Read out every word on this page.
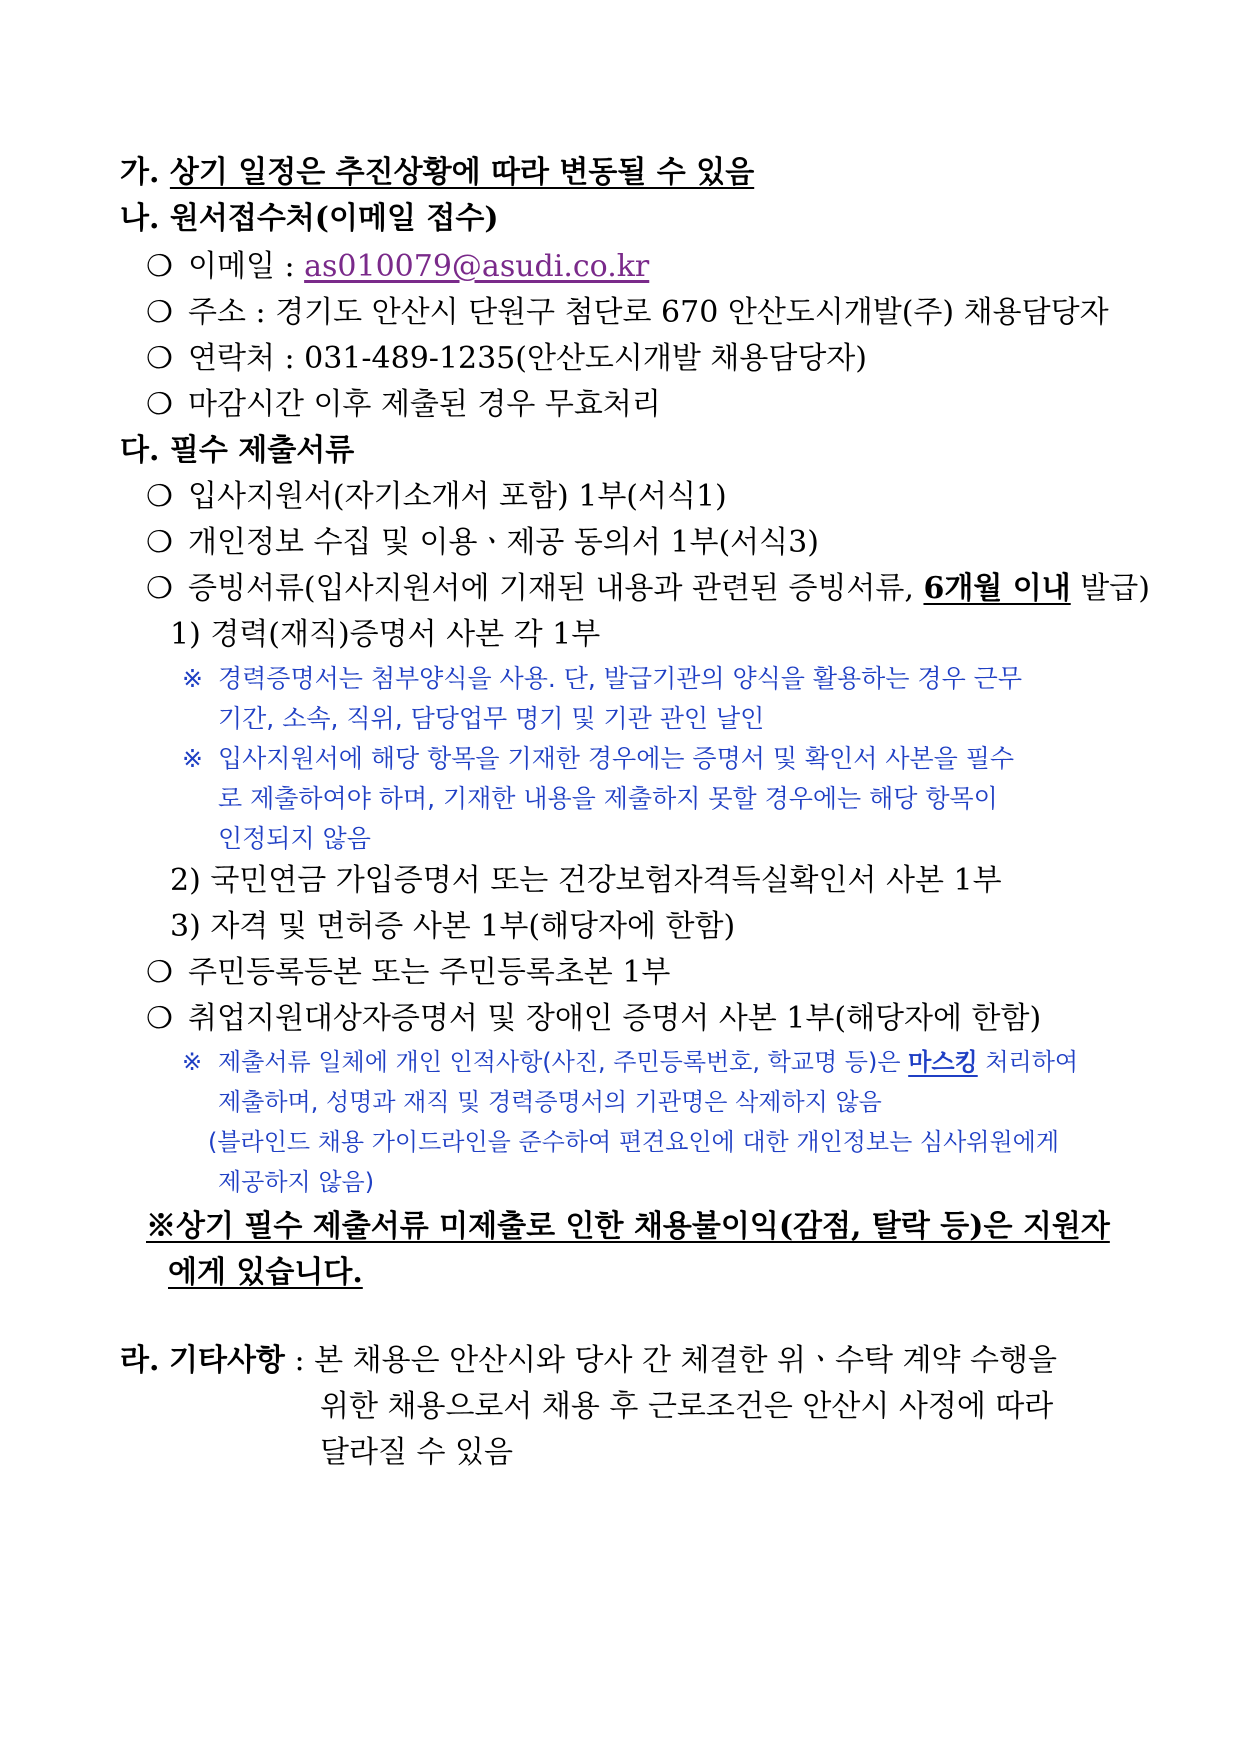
가. 상기 일정은 추진상황에 따라 변동될 수 있음
나. 원서접수처(이메일 접수)
❍ 이메일 : as010079@asudi.co.kr
❍ 주소 : 경기도 안산시 단원구 첨단로 670 안산도시개발(주) 채용담당자
❍ 연락처 : 031-489-1235(안산도시개발 채용담당자)
❍ 마감시간 이후 제출된 경우 무효처리
다. 필수 제출서류
❍ 입사지원서(자기소개서 포함) 1부(서식1)
❍ 개인정보 수집 및 이용ㆍ제공 동의서 1부(서식3)
❍ 증빙서류(입사지원서에 기재된 내용과 관련된 증빙서류, 6개월 이내 발급)
1) 경력(재직)증명서 사본 각 1부
※ 경력증명서는 첨부양식을 사용. 단, 발급기관의 양식을 활용하는 경우 근무
기간, 소속, 직위, 담당업무 명기 및 기관 관인 날인
※ 입사지원서에 해당 항목을 기재한 경우에는 증명서 및 확인서 사본을 필수
로 제출하여야 하며, 기재한 내용을 제출하지 못할 경우에는 해당 항목이
인정되지 않음
2) 국민연금 가입증명서 또는 건강보험자격득실확인서 사본 1부
3) 자격 및 면허증 사본 1부(해당자에 한함)
❍ 주민등록등본 또는 주민등록초본 1부
❍ 취업지원대상자증명서 및 장애인 증명서 사본 1부(해당자에 한함)
※ 제출서류 일체에 개인 인적사항(사진, 주민등록번호, 학교명 등)은 마스킹 처리하여
제출하며, 성명과 재직 및 경력증명서의 기관명은 삭제하지 않음
(블라인드 채용 가이드라인을 준수하여 편견요인에 대한 개인정보는 심사위원에게
제공하지 않음)
※상기 필수 제출서류 미제출로 인한 채용불이익(감점, 탈락 등)은 지원자
에게 있습니다.
라. 기타사항 : 본 채용은 안산시와 당사 간 체결한 위ㆍ수탁 계약 수행을
위한 채용으로서 채용 후 근로조건은 안산시 사정에 따라
달라질 수 있음
